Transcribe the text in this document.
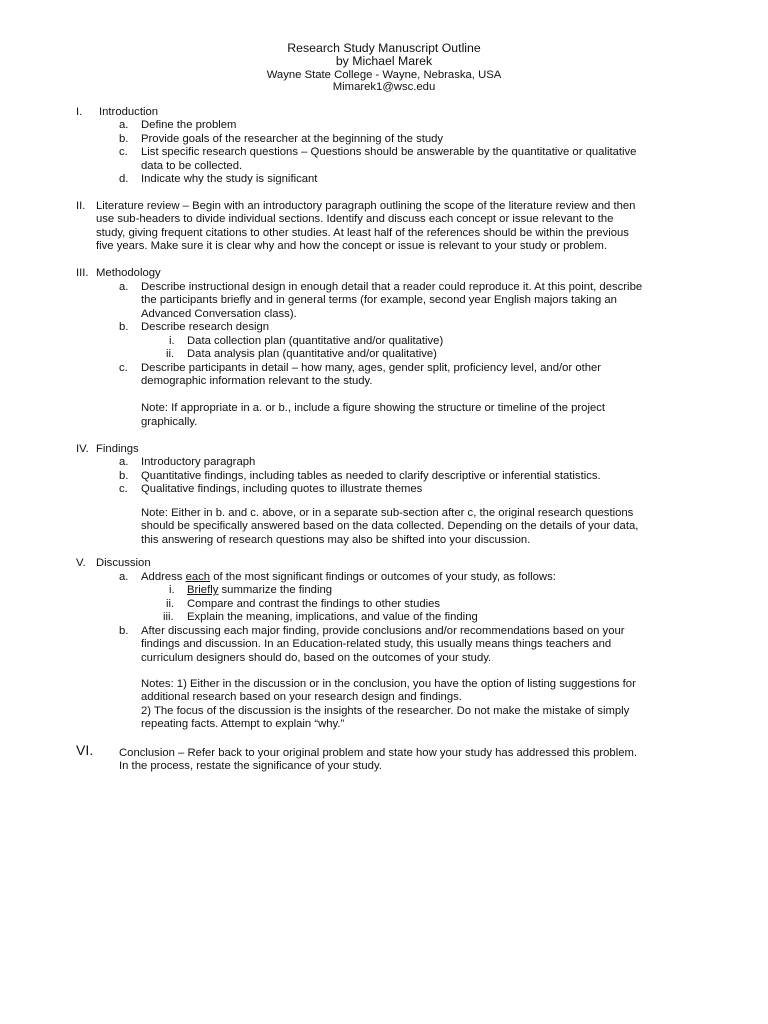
Research Study Manuscript Outline
by Michael Marek
Wayne State College - Wayne, Nebraska, USA
Mimarek1@wsc.edu
I. Introduction
a. Define the problem
b. Provide goals of the researcher at the beginning of the study
c. List specific research questions – Questions should be answerable by the quantitative or qualitative
data to be collected.
d. Indicate why the study is significant
II. Literature review – Begin with an introductory paragraph outlining the scope of the literature review and then
use sub-headers to divide individual sections. Identify and discuss each concept or issue relevant to the
study, giving frequent citations to other studies. At least half of the references should be within the previous
five years. Make sure it is clear why and how the concept or issue is relevant to your study or problem.
III. Methodology
a. Describe instructional design in enough detail that a reader could reproduce it. At this point, describe
the participants briefly and in general terms (for example, second year English majors taking an
Advanced Conversation class).
b. Describe research design
i. Data collection plan (quantitative and/or qualitative)
ii. Data analysis plan (quantitative and/or qualitative)
c. Describe participants in detail – how many, ages, gender split, proficiency level, and/or other
demographic information relevant to the study.
Note: If appropriate in a. or b., include a figure showing the structure or timeline of the project
graphically.
IV. Findings
a. Introductory paragraph
b. Quantitative findings, including tables as needed to clarify descriptive or inferential statistics.
c. Qualitative findings, including quotes to illustrate themes
Note: Either in b. and c. above, or in a separate sub-section after c, the original research questions
should be specifically answered based on the data collected. Depending on the details of your data,
this answering of research questions may also be shifted into your discussion.
V. Discussion
a. Address each of the most significant findings or outcomes of your study, as follows:
i. Briefly summarize the finding
ii. Compare and contrast the findings to other studies
iii. Explain the meaning, implications, and value of the finding
b. After discussing each major finding, provide conclusions and/or recommendations based on your
findings and discussion. In an Education-related study, this usually means things teachers and
curriculum designers should do, based on the outcomes of your study.
Notes: 1) Either in the discussion or in the conclusion, you have the option of listing suggestions for
additional research based on your research design and findings.
2) The focus of the discussion is the insights of the researcher. Do not make the mistake of simply
repeating facts. Attempt to explain “why.”
VI. Conclusion – Refer back to your original problem and state how your study has addressed this problem.
In the process, restate the significance of your study.
